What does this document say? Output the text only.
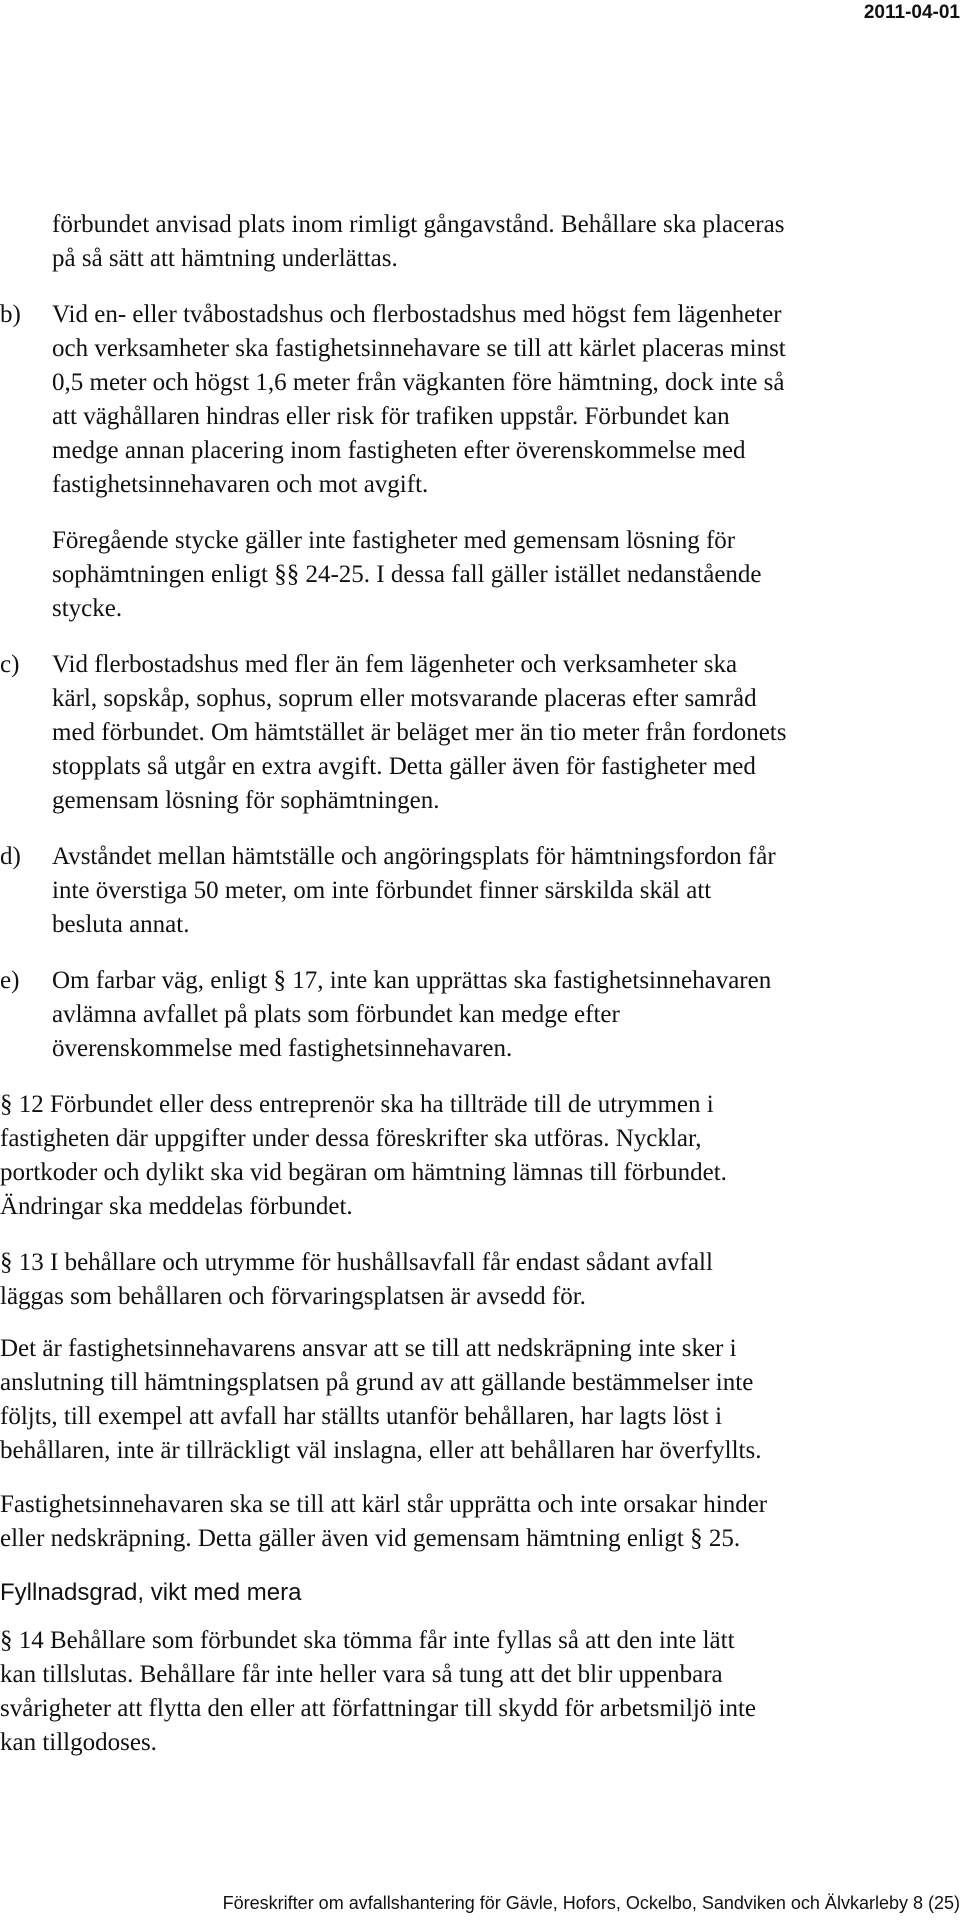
2011-04-01
förbundet anvisad plats inom rimligt gångavstånd. Behållare ska placeras
på så sätt att hämtning underlättas.
b) Vid en- eller tvåbostadshus och flerbostadshus med högst fem lägenheter
och verksamheter ska fastighetsinnehavare se till att kärlet placeras minst
0,5 meter och högst 1,6 meter från vägkanten före hämtning, dock inte så
att väghållaren hindras eller risk för trafiken uppstår. Förbundet kan
medge annan placering inom fastigheten efter överenskommelse med
fastighetsinnehavaren och mot avgift.
Föregående stycke gäller inte fastigheter med gemensam lösning för
sophämtningen enligt §§ 24-25. I dessa fall gäller istället nedanstående
stycke.
c) Vid flerbostadshus med fler än fem lägenheter och verksamheter ska
kärl, sopskåp, sophus, soprum eller motsvarande placeras efter samråd
med förbundet. Om hämtstället är beläget mer än tio meter från fordonets
stopplats så utgår en extra avgift. Detta gäller även för fastigheter med
gemensam lösning för sophämtningen.
d) Avståndet mellan hämtställe och angöringsplats för hämtningsfordon får
inte överstiga 50 meter, om inte förbundet finner särskilda skäl att
besluta annat.
e) Om farbar väg, enligt § 17, inte kan upprättas ska fastighetsinnehavaren
avlämna avfallet på plats som förbundet kan medge efter
överenskommelse med fastighetsinnehavaren.
§ 12 Förbundet eller dess entreprenör ska ha tillträde till de utrymmen i
fastigheten där uppgifter under dessa föreskrifter ska utföras. Nycklar,
portkoder och dylikt ska vid begäran om hämtning lämnas till förbundet.
Ändringar ska meddelas förbundet.
§ 13 I behållare och utrymme för hushållsavfall får endast sådant avfall
läggas som behållaren och förvaringsplatsen är avsedd för.
Det är fastighetsinnehavarens ansvar att se till att nedskräpning inte sker i
anslutning till hämtningsplatsen på grund av att gällande bestämmelser inte
följts, till exempel att avfall har ställts utanför behållaren, har lagts löst i
behållaren, inte är tillräckligt väl inslagna, eller att behållaren har överfyllts.
Fastighetsinnehavaren ska se till att kärl står upprätta och inte orsakar hinder
eller nedskräpning. Detta gäller även vid gemensam hämtning enligt § 25.
Fyllnadsgrad, vikt med mera
§ 14 Behållare som förbundet ska tömma får inte fyllas så att den inte lätt
kan tillslutas. Behållare får inte heller vara så tung att det blir uppenbara
svårigheter att flytta den eller att författningar till skydd för arbetsmiljö inte
kan tillgodoses.
Föreskrifter om avfallshantering för Gävle, Hofors, Ockelbo, Sandviken och Älvkarleby 8 (25)
